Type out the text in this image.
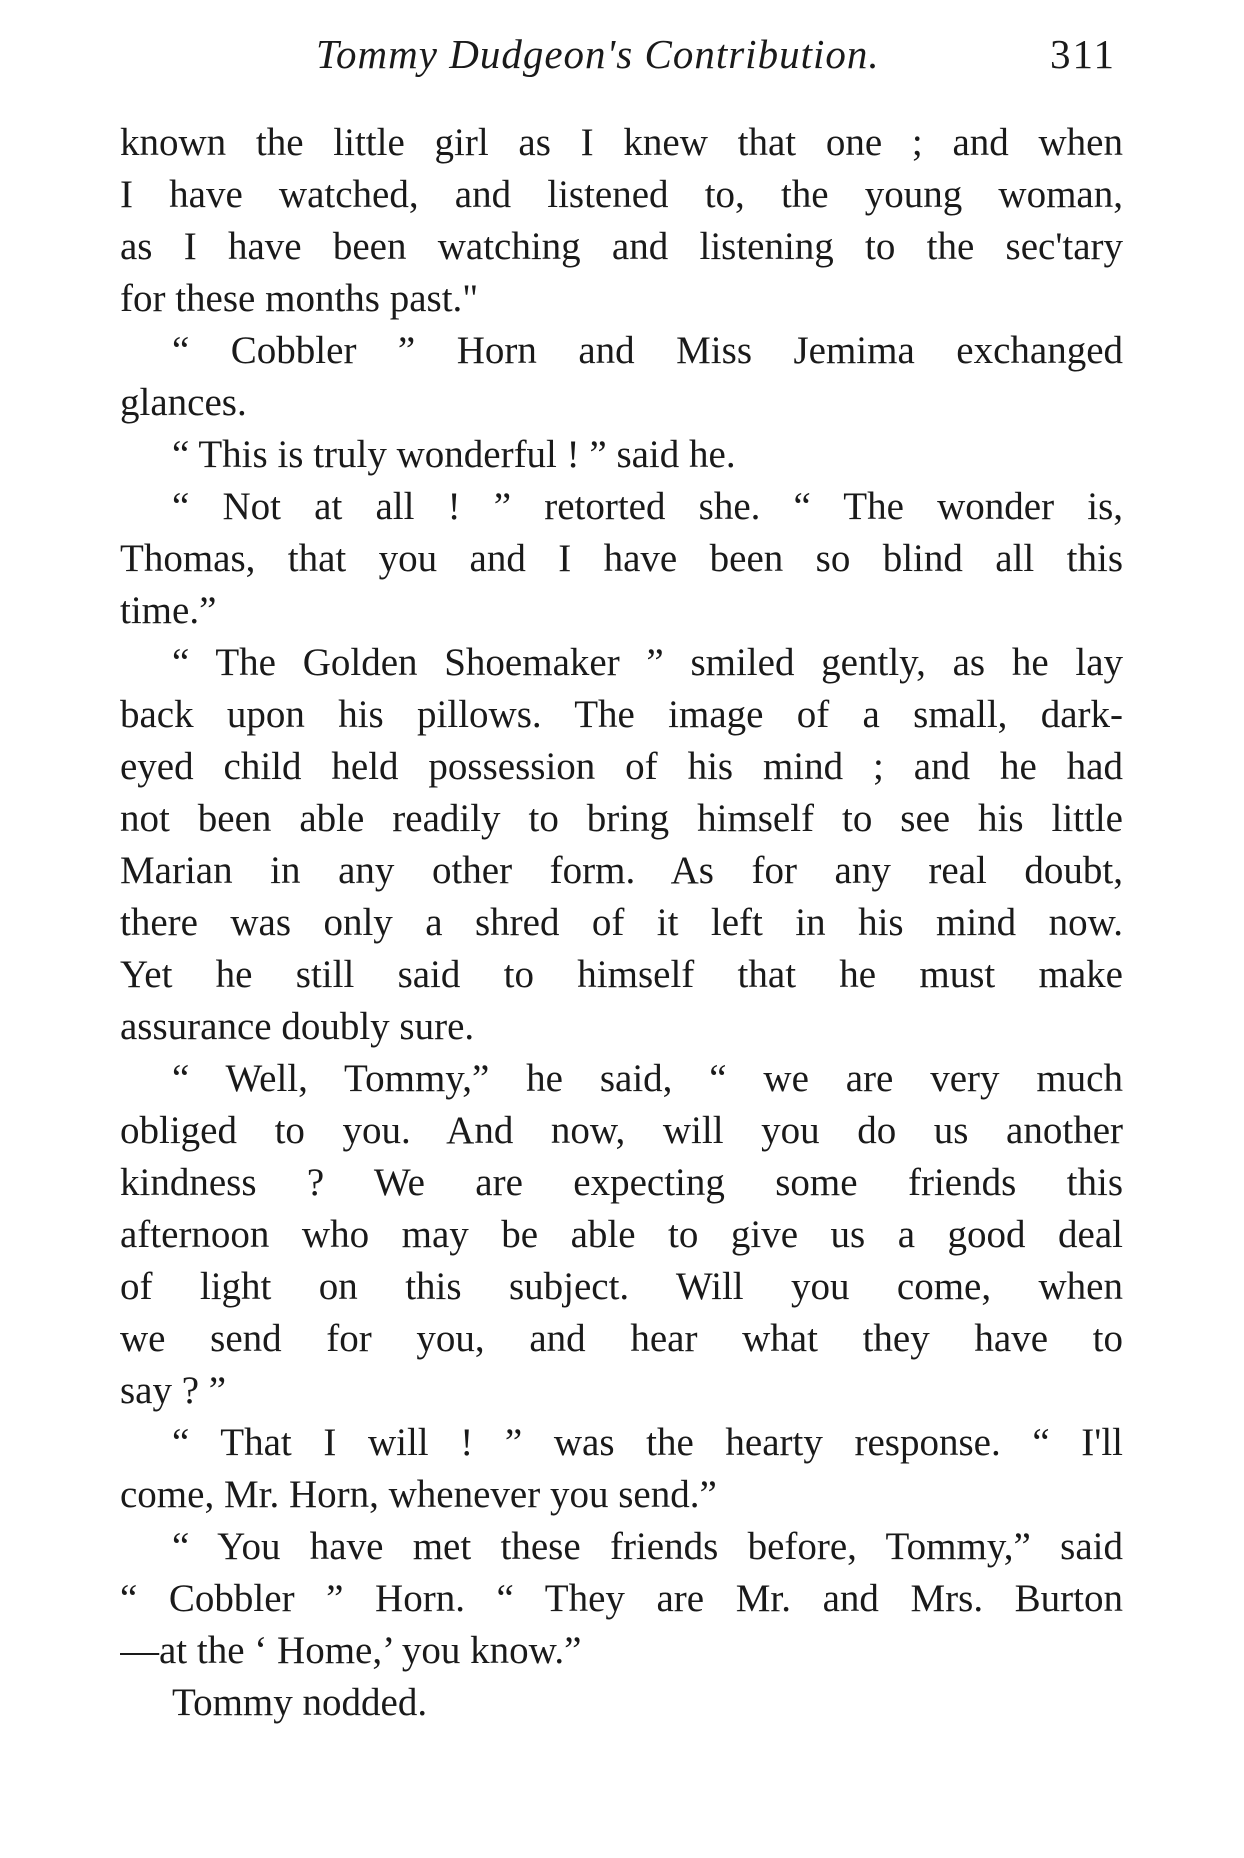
Tommy Dudgeon's Contribution.	311
known the little girl as I knew that one ; and when
I have watched, and listened to, the young woman,
as I have been watching and listening to the sec'tary
for these months past."
“ Cobbler ” Horn and Miss Jemima exchanged
glances.
“ This is truly wonderful ! ” said he.
“ Not at all ! ” retorted she. “ The wonder is,
Thomas, that you and I have been so blind all this
time.”
“ The Golden Shoemaker ” smiled gently, as he lay
back upon his pillows. The image of a small, dark-
eyed child held possession of his mind ; and he had
not been able readily to bring himself to see his little
Marian in any other form. As for any real doubt,
there was only a shred of it left in his mind now.
Yet he still said to himself that he must make
assurance doubly sure.
“ Well, Tommy,” he said, “ we are very much
obliged to you. And now, will you do us another
kindness ? We are expecting some friends this
afternoon who may be able to give us a good deal
of light on this subject. Will you come, when
we send for you, and hear what they have to
say ? ”
“ That I will ! ” was the hearty response. “ I'll
come, Mr. Horn, whenever you send.”
“ You have met these friends before, Tommy,” said
“ Cobbler ” Horn. “ They are Mr. and Mrs. Burton
—at the ‘ Home,’ you know.”
Tommy nodded.
